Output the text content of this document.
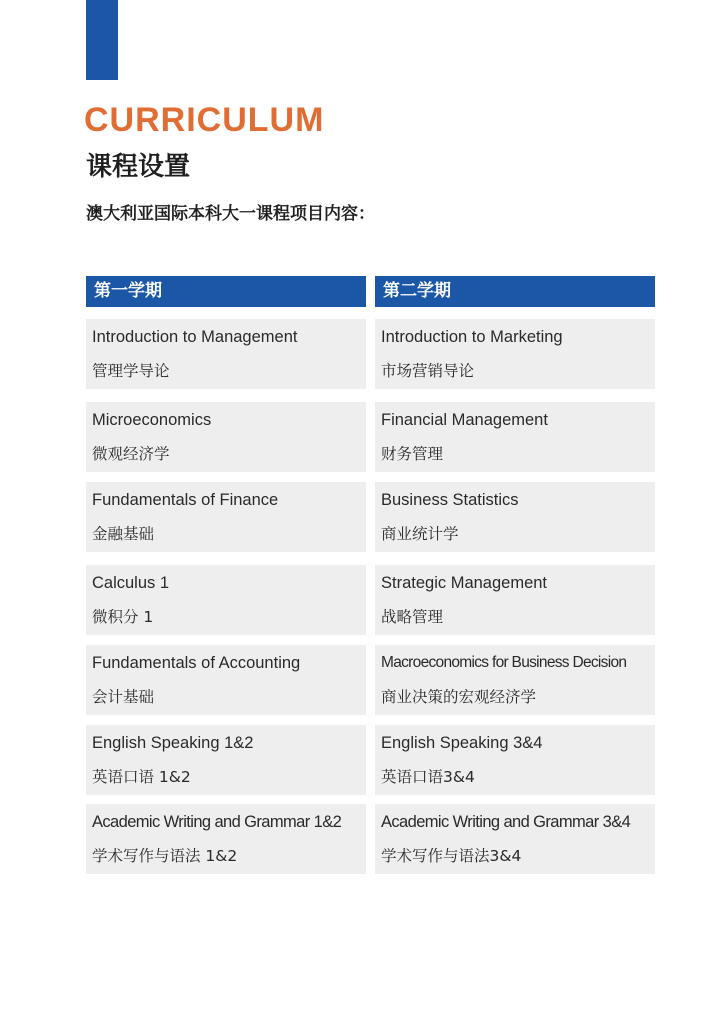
CURRICULUM
课程设置
澳大利亚国际本科大一课程项目内容：
第一学期
Introduction to Management
管理学导论
Microeconomics
微观经济学
Fundamentals of Finance
金融基础
Calculus 1
微积分 1
Fundamentals of Accounting
会计基础
English Speaking 1&2
英语口语 1&2
Academic Writing and Grammar 1&2
学术写作与语法 1&2
第二学期
Introduction to Marketing
市场营销导论
Financial Management
财务管理
Business Statistics
商业统计学
Strategic Management
战略管理
Macroeconomics for Business Decision
商业决策的宏观经济学
English Speaking 3&4
英语口语3&4
Academic Writing and Grammar 3&4
学术写作与语法3&4
